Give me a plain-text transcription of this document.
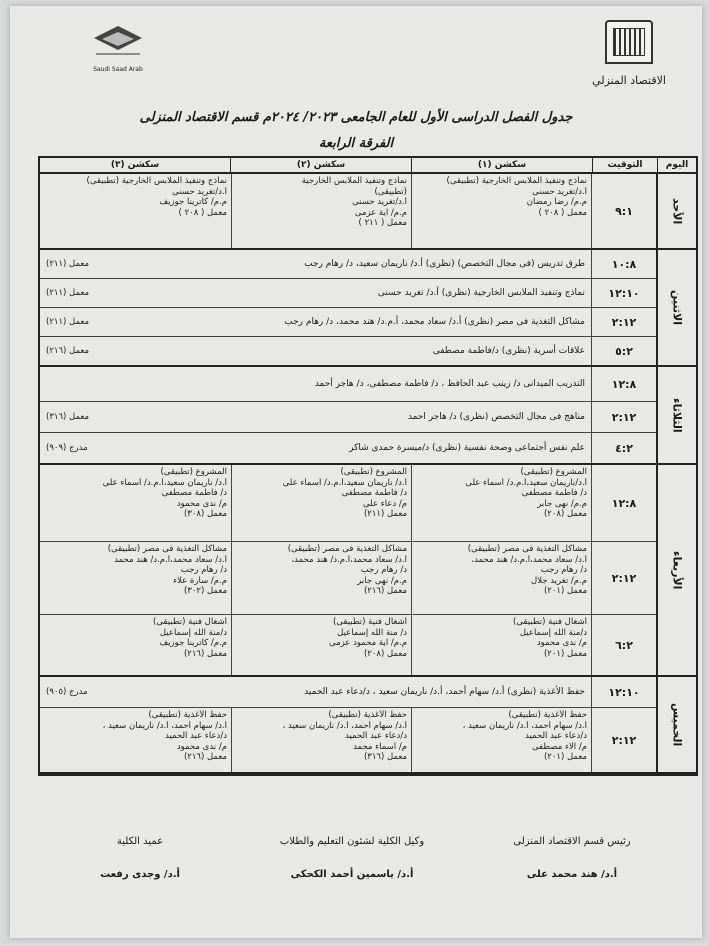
الاقتصاد المنزلي
Saudi Saad Arab
جدول الفصل الدراسى الأول للعام الجامعى ٢٠٢٣/ ٢٠٢٤م قسم الاقتصاد المنزلى
الفرقة الرابعة
اليوم
التوقيت
سكشن (١)
سكشن (٢)
سكشن (٣)
الأحد
٩:١
نماذج وتنفيذ الملابس الخارجية (تطبيقى)
أ.د/تغريد حسنى
م.م/ رضا رمضان
معمل ( ٢٠٨ )
نماذج وتنفيذ الملابس الخارجية
(تطبيقى)
أ.د/تغريد حسنى
م.م/ آية عزمى
معمل ( ٢١١ )
نماذج وتنفيذ الملابس الخارجية (تطبيقى)
أ.د/تغريد حسنى
م.م/ كاترينا جوزيف
معمل ( ٢٠٨ )
الاثنين
١٠:٨
طرق تدريس (فى مجال التخصص) (نظرى) أ.د/ ناريمان سعيد، د/ رهام رجب
معمل (٢١١)
١٢:١٠
نماذج وتنفيذ الملابس الخارجية (نظرى) أ.د/ تغريد حسنى
معمل (٢١١)
٢:١٢
مشاكل التغذية فى مصر (نظرى) أ.د/ سعاد محمد، أ.م.د/ هند محمد، د/ رهام رجب
معمل (٢١١)
٥:٢
علاقات أسرية (نظرى) د/فاطمة مصطفى
معمل (٢١٦)
الثلاثاء
١٢:٨
التدريب الميدانى د/ زينب عبد الحافظ ، د/ فاطمة مصطفى، د/ هاجر أحمد
٢:١٢
مناهج فى مجال التخصص (نظرى) د/ هاجر احمد
معمل (٣١٦)
٤:٢
علم نفس أجتماعى وصحة نفسية (نظرى) د/ميسرة حمدى شاكر
مدرج (٩٠٩)
الأربعاء
١٢:٨
المشروع (تطبيقى)
أ.د/ناريمان سعيد،أ.م.د/ أسماء على
د/ فاطمة مصطفى
م.م/ نهى جابر
معمل (٢٠٨)
المشروع (تطبيقى)
أ.د/ ناريمان سعيد،أ.م.د/ أسماء على
د/ فاطمة مصطفى
م/ دعاء على
معمل (٢١١)
المشروع (تطبيقى)
أ.د/ ناريمان سعيد،أ.م.د/ أسماء على
د/ فاطمة مصطفى
م/ ندى محمود
معمل (٣٠٨)
٢:١٢
مشاكل التغذية فى مصر (تطبيقى)
أ.د/ سعاد محمد،أ.م.د/ هند محمد،
د/ رهام رجب
م.م/ تغريد جلال
معمل (٢٠١)
مشاكل التغذية فى مصر (تطبيقى)
أ.د/ سعاد محمد،أ.م.د/ هند محمد،
د/ رهام رجب
م.م/ نهى جابر
معمل (٢١٦)
مشاكل التغذية فى مصر (تطبيقى)
أ.د/ سعاد محمد،أ.م.د/ هند محمد
د/ رهام رجب
م.م/ سارة علاء
معمل (٣٠٢)
٦:٢
أشغال فنية (تطبيقى)
د/منة الله إسماعيل
م/ ندى محمود
معمل (٢٠١)
أشغال فنية (تطبيقى)
د/ منة الله إسماعيل
م.م/ آية محمود عزمى
معمل (٢٠٨)
أشغال فنية (تطبيقى)
د/منة الله إسماعيل
م.م/ كاترينا جوزيف
معمل (٢١٦)
الخميس
١٢:١٠
حفظ الأغذية (نظرى) أ.د/ سهام أحمد، أ.د/ ناريمان سعيد ، د/دعاء عبد الحميد
مدرج (٩٠٥)
٢:١٢
حفظ الأغذية (تطبيقى)
أ.د/ سهام أحمد، أ.د/ ناريمان سعيد ،
د/دعاء عبد الحميد
م/ آلاء مصطفى
معمل (٢٠١)
حفظ الأغذية (تطبيقى)
أ.د/ سهام أحمد، أ.د/ ناريمان سعيد ،
د/دعاء عبد الحميد
م/ أسماء محمد
معمل (٣١٦)
حفظ الأغذية (تطبيقى)
أ.د/ سهام أحمد، أ.د/ ناريمان سعيد ،
د/دعاء عبد الحميد
م/ ندى محمود
معمل (٢١٦)
رئيس قسم الاقتصاد المنزلى
أ.د/ هند محمد على
وكيل الكلية لشئون التعليم والطلاب
أ.د/ ياسمين أحمد الكحكى
عميد الكلية
أ.د/ وجدى رفعت
